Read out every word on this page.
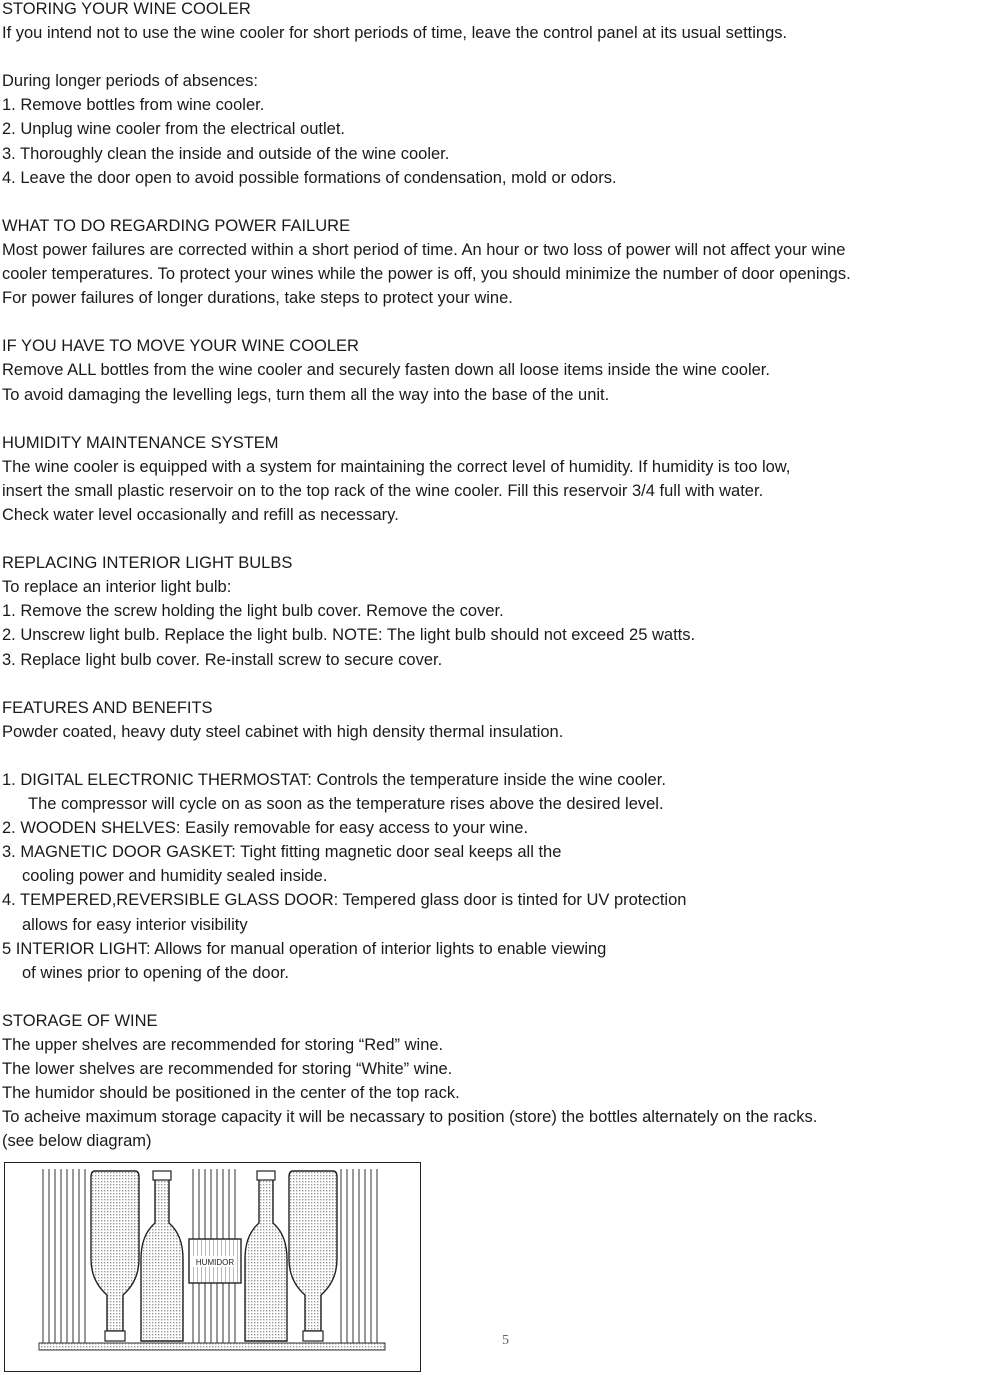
STORING YOUR WINE COOLER
If you intend not to use the wine cooler for short periods of time, leave the control panel at its usual settings.
During longer periods of absences:
1. Remove bottles from wine cooler.
2. Unplug wine cooler from the electrical outlet.
3. Thoroughly clean the inside and outside of the wine cooler.
4. Leave the door open to avoid possible formations of condensation, mold or odors.
WHAT TO DO REGARDING POWER FAILURE
Most power failures are corrected within a short period of time. An hour or two loss of power will not affect your wine
cooler temperatures. To protect your wines while the power is off, you should minimize the number of door openings.
For power failures of longer durations, take steps to protect your wine.
IF YOU HAVE TO MOVE YOUR WINE COOLER
Remove ALL bottles from the wine cooler and securely fasten down all loose items inside the wine cooler.
To avoid damaging the levelling legs, turn them all the way into the base of the unit.
HUMIDITY MAINTENANCE SYSTEM
The wine cooler is equipped with a system for maintaining the correct level of humidity. If humidity is too low,
insert the small plastic reservoir on to the top rack of the wine cooler. Fill this reservoir 3/4 full with water.
Check water level occasionally and refill as necessary.
REPLACING INTERIOR LIGHT BULBS
To replace an interior light bulb:
1. Remove the screw holding the light bulb cover. Remove the cover.
2. Unscrew light bulb. Replace the light bulb. NOTE: The light bulb should not exceed 25 watts.
3. Replace light bulb cover. Re-install screw to secure cover.
FEATURES AND BENEFITS
Powder coated, heavy duty steel cabinet with high density thermal insulation.
1. DIGITAL ELECTRONIC THERMOSTAT: Controls the temperature inside the wine cooler.
The compressor will cycle on as soon as the temperature rises above the desired level.
2. WOODEN SHELVES: Easily removable for easy access to your wine.
3. MAGNETIC DOOR GASKET: Tight fitting magnetic door seal keeps all the
cooling power and humidity sealed inside.
4. TEMPERED,REVERSIBLE GLASS DOOR: Tempered glass door is tinted for UV protection
allows for easy interior visibility
5 INTERIOR LIGHT: Allows for manual operation of interior lights to enable viewing
of wines prior to opening of the door.
STORAGE OF WINE
The upper shelves are recommended for storing “Red” wine.
The lower shelves are recommended for storing “White” wine.
The humidor should be positioned in the center of the top rack.
To acheive maximum storage capacity it will be necassary to position (store) the bottles alternately on the racks.
(see below diagram)
HUMIDOR
5
